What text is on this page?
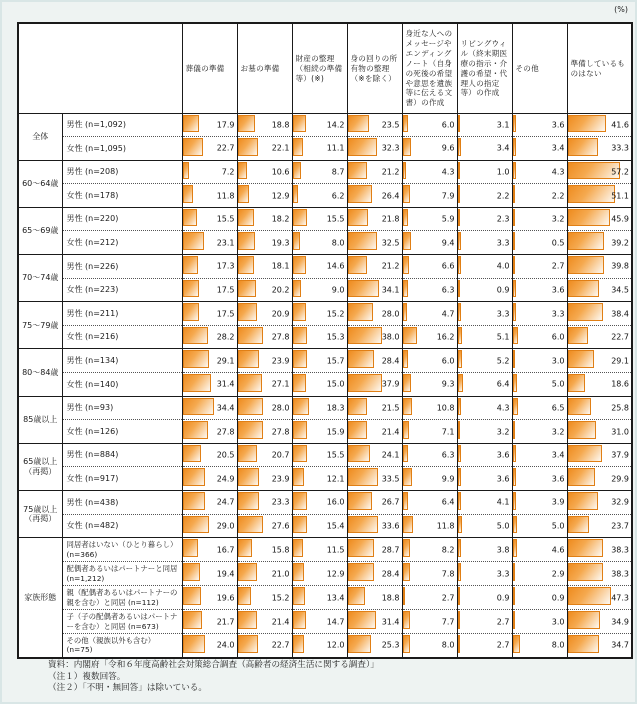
(%)
		葬儀の準備	お墓の準備	財産の整理（相続の準備等）(※)	身の回りの所有物の整理（※を除く）	身近な人へのメッセージやエンディングノート（自身の死後の希望や意思を遺族等に伝える文書）の作成	リビングウィル（終末期医療の指示・介護の希望・代理人の指定等）の作成	その他	準備しているものはない
全体	男性 (n=1,092)	17.9	18.8	14.2	23.5	6.0	3.1	3.6	41.6

	女性 (n=1,095)	22.7	22.1	11.1	32.3	9.6	3.4	3.4	33.3

60～64歳	男性 (n=208)	7.2	10.6	8.7	21.2	4.3	1.0	4.3	57.2

	女性 (n=178)	11.8	12.9	6.2	26.4	7.9	2.2	2.2	51.1

65～69歳	男性 (n=220)	15.5	18.2	15.5	21.8	5.9	2.3	3.2	45.9

	女性 (n=212)	23.1	19.3	8.0	32.5	9.4	3.3	0.5	39.2

70～74歳	男性 (n=226)	17.3	18.1	14.6	21.2	6.6	4.0	2.7	39.8

	女性 (n=223)	17.5	20.2	9.0	34.1	6.3	0.9	3.6	34.5

75～79歳	男性 (n=211)	17.5	20.9	15.2	28.0	4.7	3.3	3.3	38.4

	女性 (n=216)	28.2	27.8	15.3	38.0	16.2	5.1	6.0	22.7

80～84歳	男性 (n=134)	29.1	23.9	15.7	28.4	6.0	5.2	3.0	29.1

	女性 (n=140)	31.4	27.1	15.0	37.9	9.3	6.4	5.0	18.6

85歳以上	男性 (n=93)	34.4	28.0	18.3	21.5	10.8	4.3	6.5	25.8

	女性 (n=126)	27.8	27.8	15.9	21.4	7.1	3.2	3.2	31.0

65歳以上（再掲）	男性 (n=884)	20.5	20.7	15.5	24.1	6.3	3.6	3.4	37.9

	女性 (n=917)	24.9	23.9	12.1	33.5	9.9	3.6	3.6	29.9

75歳以上（再掲）	男性 (n=438)	24.7	23.3	16.0	26.7	6.4	4.1	3.9	32.9

	女性 (n=482)	29.0	27.6	15.4	33.6	11.8	5.0	5.0	23.7

家族形態	同居者はいない（ひとり暮らし）(n=366)	16.7	15.8	11.5	28.7	8.2	3.8	4.6	38.3

	配偶者あるいはパートナーと同居 (n=1,212)	19.4	21.0	12.9	28.4	7.8	3.3	2.9	38.3

	親（配偶者あるいはパートナーの親を含む）と同居 (n=112)	19.6	15.2	13.4	18.8	2.7	0.9	0.9	47.3

	子（子の配偶者あるいはパートナーを含む）と同居 (n=673)	21.7	21.4	14.7	31.4	7.7	2.7	3.0	34.9

	その他（親族以外も含む）(n=75)	24.0	22.7	12.0	25.3	8.0	2.7	8.0	34.7
資料：内閣府「令和６年度高齢社会対策総合調査（高齢者の経済生活に関する調査）」
（注１）複数回答。
（注２）「不明・無回答」は除いている。
